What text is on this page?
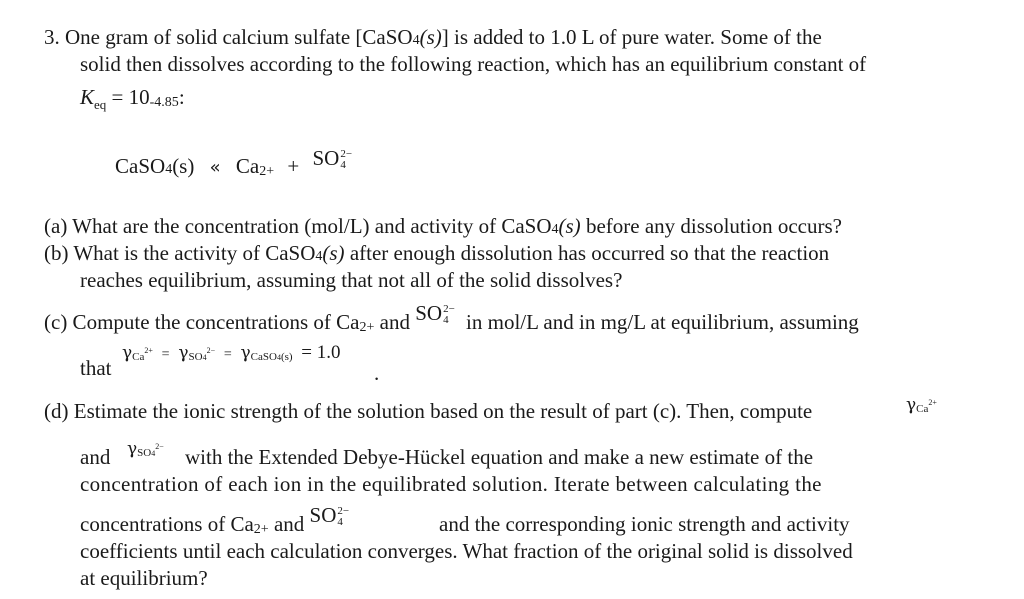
3. One gram of solid calcium sulfate [CaSO4(s)] is added to 1.0 L of pure water. Some of the
solid then dissolves according to the following reaction, which has an equilibrium constant of
$K_{eq} = 10-4.85$:
CaSO4(s) « Ca2+ + SO 2−
4
(a) What are the concentration (mol/L) and activity of CaSO4(s) before any dissolution occurs?
(b) What is the activity of CaSO4(s) after enough dissolution has occurred so that the reaction
reaches equilibrium, assuming that not all of the solid dissolves?
(c) Compute the concentrations of Ca2+ and SO 2−
4 in mol/L and in mg/L at equilibrium, assuming
that
$\gamma Ca^{2+} = \gamma SO4^{2-}$ = γCaSO4(s) = 1.0
.
(d) Estimate the ionic strength of the solution based on the result of part (c). Then, compute	γCa$^{2+}$
and $\gamma SO4^{2-}$ with the Extended Debye-Hückel equation and make a new estimate of the
concentration of each ion in the equilibrated solution. Iterate between calculating the
concentrations of Ca2+ and SO 2−
4	and the corresponding ionic strength and activity
coefficients until each calculation converges. What fraction of the original solid is dissolved
at equilibrium?
